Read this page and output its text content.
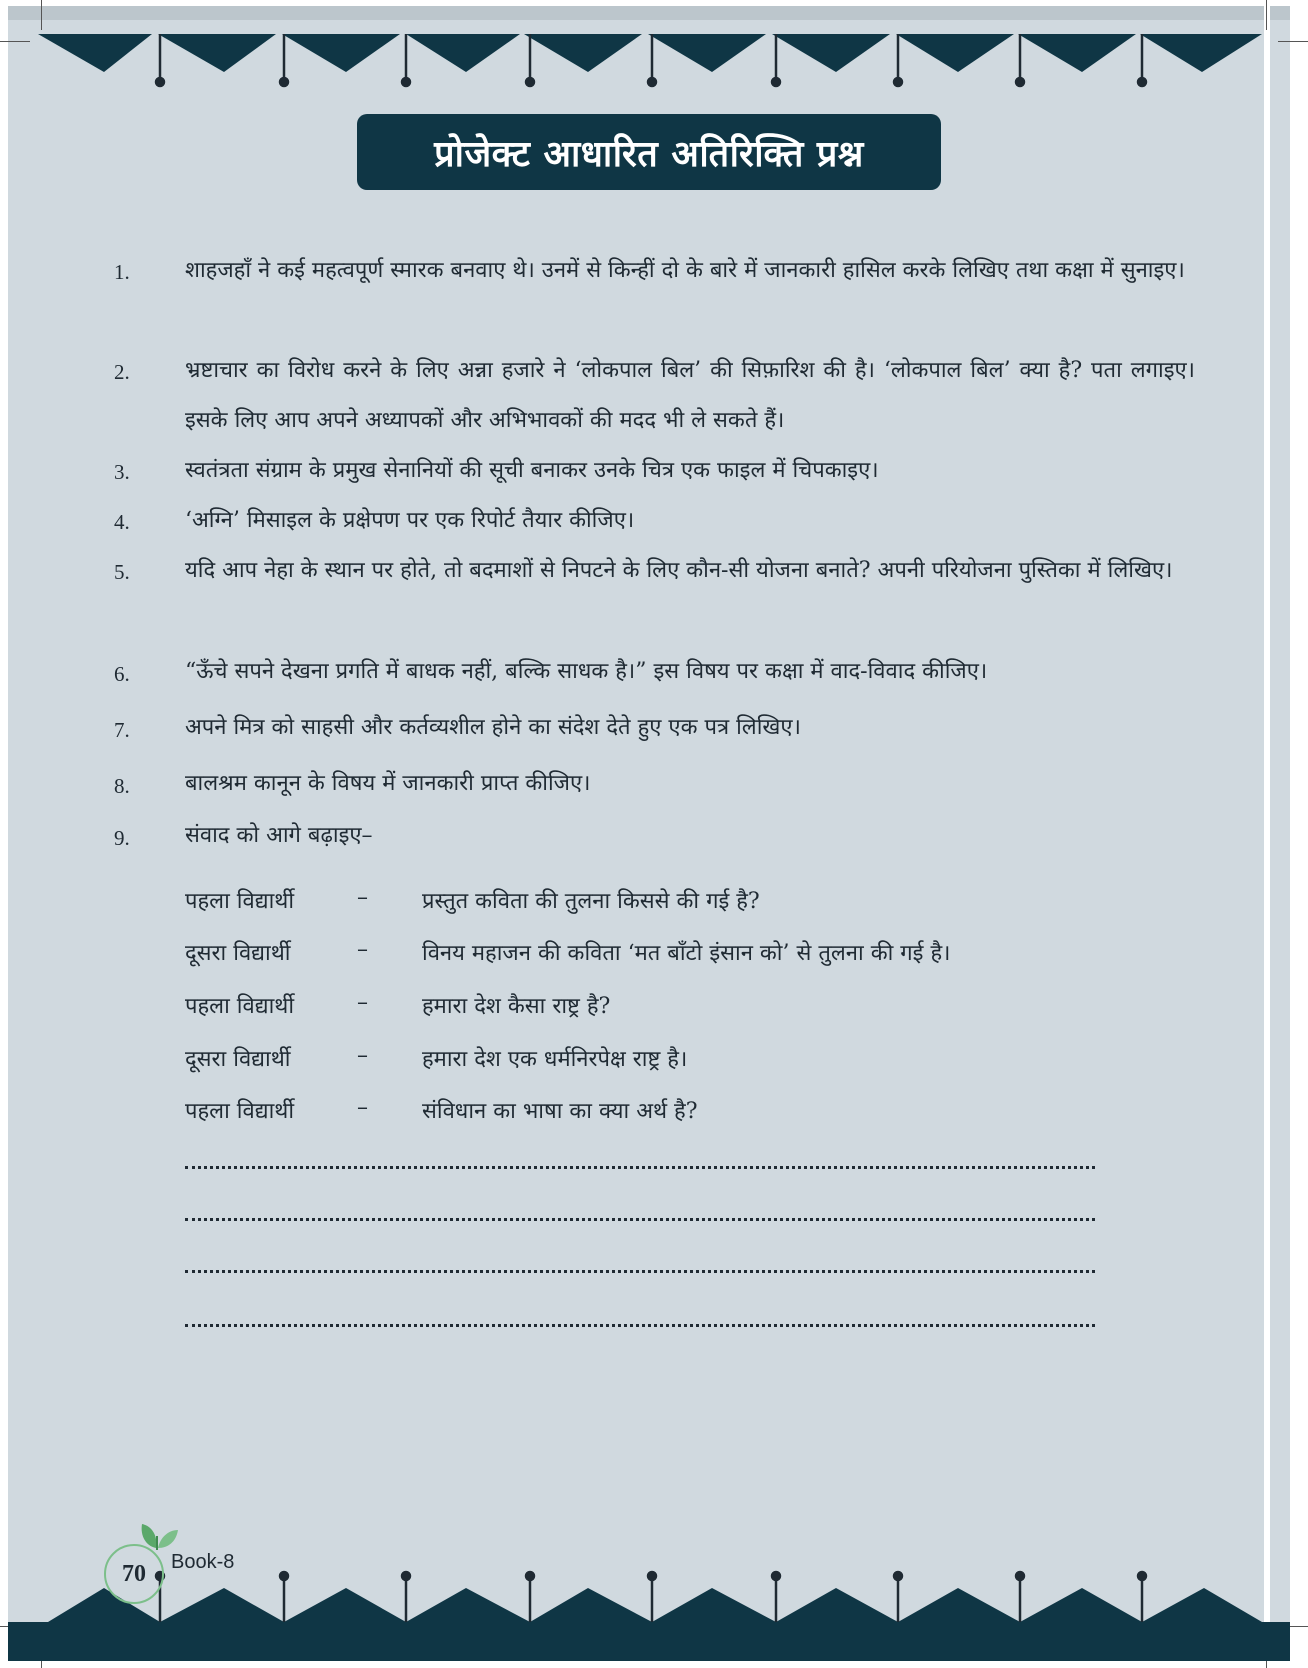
प्रोजेक्ट आधारित अतिरिक्ति प्रश्न
1.	शाहजहाँ ने कई महत्वपूर्ण स्मारक बनवाए थे। उनमें से किन्हीं दो के बारे में जानकारी हासिल करके लिखिए तथा कक्षा में सुनाइए।
2.	भ्रष्टाचार का विरोध करने के लिए अन्ना हजारे ने ‘लोकपाल बिल’ की सिफ़ारिश की है। ‘लोकपाल बिल’ क्या है? पता लगाइए। इसके लिए आप अपने अध्यापकों और अभिभावकों की मदद भी ले सकते हैं।
3.	स्वतंत्रता संग्राम के प्रमुख सेनानियों की सूची बनाकर उनके चित्र एक फाइल में चिपकाइए।
4.	‘अग्नि’ मिसाइल के प्रक्षेपण पर एक रिपोर्ट तैयार कीजिए।
5.	यदि आप नेहा के स्थान पर होते, तो बदमाशों से निपटने के लिए कौन-सी योजना बनाते? अपनी परियोजना पुस्तिका में लिखिए।
6.	“ऊँचे सपने देखना प्रगति में बाधक नहीं, बल्कि साधक है।” इस विषय पर कक्षा में वाद-विवाद कीजिए।
7.	अपने मित्र को साहसी और कर्तव्यशील होने का संदेश देते हुए एक पत्र लिखिए।
8.	बालश्रम कानून के विषय में जानकारी प्राप्त कीजिए।
9.	संवाद को आगे बढ़ाइए–
पहला विद्यार्थी	– प्रस्तुत कविता की तुलना किससे की गई है?
दूसरा विद्यार्थी	– विनय महाजन की कविता ‘मत बाँटो इंसान को’ से तुलना की गई है।
पहला विद्यार्थी	– हमारा देश कैसा राष्ट्र है?
दूसरा विद्यार्थी	– हमारा देश एक धर्मनिरपेक्ष राष्ट्र है।
पहला विद्यार्थी	– संविधान का भाषा का क्या अर्थ है?
70 Book-8
